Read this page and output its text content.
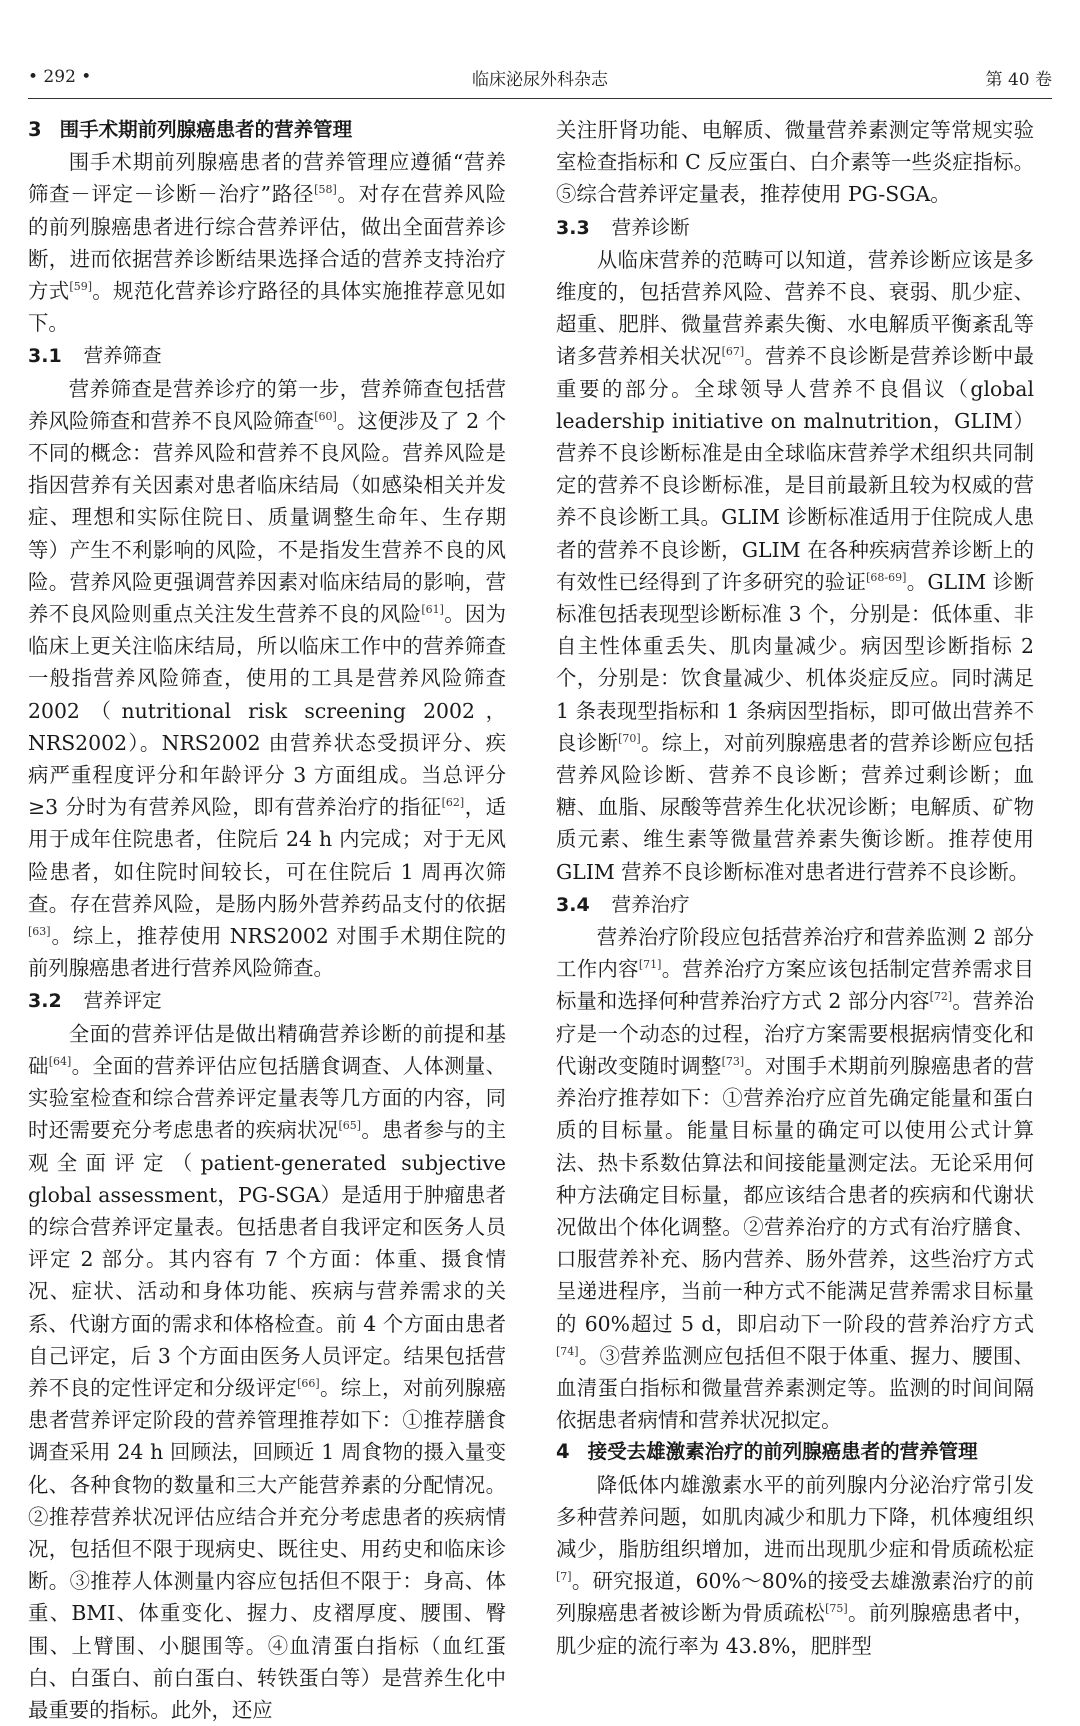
• 292 •	临床泌尿外科杂志	第 40 卷
3 围手术期前列腺癌患者的营养管理

围手术期前列腺癌患者的营养管理应遵循“营养筛查－评定－诊断－治疗”路径[58]。对存在营养风险的前列腺癌患者进行综合营养评估，做出全面营养诊断，进而依据营养诊断结果选择合适的营养支持治疗方式[59]。规范化营养诊疗路径的具体实施推荐意见如下。

3.1 营养筛查

营养筛查是营养诊疗的第一步，营养筛查包括营养风险筛查和营养不良风险筛查[60]。这便涉及了 2 个不同的概念：营养风险和营养不良风险。营养风险是指因营养有关因素对患者临床结局（如感染相关并发症、理想和实际住院日、质量调整生命年、生存期等）产生不利影响的风险，不是指发生营养不良的风险。营养风险更强调营养因素对临床结局的影响，营养不良风险则重点关注发生营养不良的风险[61]。因为临床上更关注临床结局，所以临床工作中的营养筛查一般指营养风险筛查，使用的工具是营养风险筛查 2002（nutritional risk screening 2002，NRS2002）。NRS2002 由营养状态受损评分、疾病严重程度评分和年龄评分 3 方面组成。当总评分≥3 分时为有营养风险，即有营养治疗的指征[62]，适用于成年住院患者，住院后 24 h 内完成；对于无风险患者，如住院时间较长，可在住院后 1 周再次筛查。存在营养风险，是肠内肠外营养药品支付的依据[63]。综上，推荐使用 NRS2002 对围手术期住院的前列腺癌患者进行营养风险筛查。

3.2 营养评定

全面的营养评估是做出精确营养诊断的前提和基础[64]。全面的营养评估应包括膳食调查、人体测量、实验室检查和综合营养评定量表等几方面的内容，同时还需要充分考虑患者的疾病状况[65]。患者参与的主观全面评定（patient-generated subjective global assessment，PG-SGA）是适用于肿瘤患者的综合营养评定量表。包括患者自我评定和医务人员评定 2 部分。其内容有 7 个方面：体重、摄食情况、症状、活动和身体功能、疾病与营养需求的关系、代谢方面的需求和体格检查。前 4 个方面由患者自己评定，后 3 个方面由医务人员评定。结果包括营养不良的定性评定和分级评定[66]。综上，对前列腺癌患者营养评定阶段的营养管理推荐如下：①推荐膳食调查采用 24 h 回顾法，回顾近 1 周食物的摄入量变化、各种食物的数量和三大产能营养素的分配情况。②推荐营养状况评估应结合并充分考虑患者的疾病情况，包括但不限于现病史、既往史、用药史和临床诊断。③推荐人体测量内容应包括但不限于：身高、体重、BMI、体重变化、握力、皮褶厚度、腰围、臀围、上臂围、小腿围等。④血清蛋白指标（血红蛋白、白蛋白、前白蛋白、转铁蛋白等）是营养生化中最重要的指标。此外，还应

关注肝肾功能、电解质、微量营养素测定等常规实验室检查指标和 C 反应蛋白、白介素等一些炎症指标。⑤综合营养评定量表，推荐使用 PG-SGA。

3.3 营养诊断

从临床营养的范畴可以知道，营养诊断应该是多维度的，包括营养风险、营养不良、衰弱、肌少症、超重、肥胖、微量营养素失衡、水电解质平衡紊乱等诸多营养相关状况[67]。营养不良诊断是营养诊断中最重要的部分。全球领导人营养不良倡议（global leadership initiative on malnutrition，GLIM）营养不良诊断标准是由全球临床营养学术组织共同制定的营养不良诊断标准，是目前最新且较为权威的营养不良诊断工具。GLIM 诊断标准适用于住院成人患者的营养不良诊断，GLIM 在各种疾病营养诊断上的有效性已经得到了许多研究的验证[68-69]。GLIM 诊断标准包括表现型诊断标准 3 个，分别是：低体重、非自主性体重丢失、肌肉量减少。病因型诊断指标 2 个，分别是：饮食量减少、机体炎症反应。同时满足 1 条表现型指标和 1 条病因型指标，即可做出营养不良诊断[70]。综上，对前列腺癌患者的营养诊断应包括营养风险诊断、营养不良诊断；营养过剩诊断；血糖、血脂、尿酸等营养生化状况诊断；电解质、矿物质元素、维生素等微量营养素失衡诊断。推荐使用 GLIM 营养不良诊断标准对患者进行营养不良诊断。

3.4 营养治疗

营养治疗阶段应包括营养治疗和营养监测 2 部分工作内容[71]。营养治疗方案应该包括制定营养需求目标量和选择何种营养治疗方式 2 部分内容[72]。营养治疗是一个动态的过程，治疗方案需要根据病情变化和代谢改变随时调整[73]。对围手术期前列腺癌患者的营养治疗推荐如下：①营养治疗应首先确定能量和蛋白质的目标量。能量目标量的确定可以使用公式计算法、热卡系数估算法和间接能量测定法。无论采用何种方法确定目标量，都应该结合患者的疾病和代谢状况做出个体化调整。②营养治疗的方式有治疗膳食、口服营养补充、肠内营养、肠外营养，这些治疗方式呈递进程序，当前一种方式不能满足营养需求目标量的 60%超过 5 d，即启动下一阶段的营养治疗方式[74]。③营养监测应包括但不限于体重、握力、腰围、血清蛋白指标和微量营养素测定等。监测的时间间隔依据患者病情和营养状况拟定。

4 接受去雄激素治疗的前列腺癌患者的营养管理

降低体内雄激素水平的前列腺内分泌治疗常引发多种营养问题，如肌肉减少和肌力下降，机体瘦组织减少，脂肪组织增加，进而出现肌少症和骨质疏松症[7]。研究报道，60%～80%的接受去雄激素治疗的前列腺癌患者被诊断为骨质疏松[75]。前列腺癌患者中，肌少症的流行率为 43.8%，肥胖型
